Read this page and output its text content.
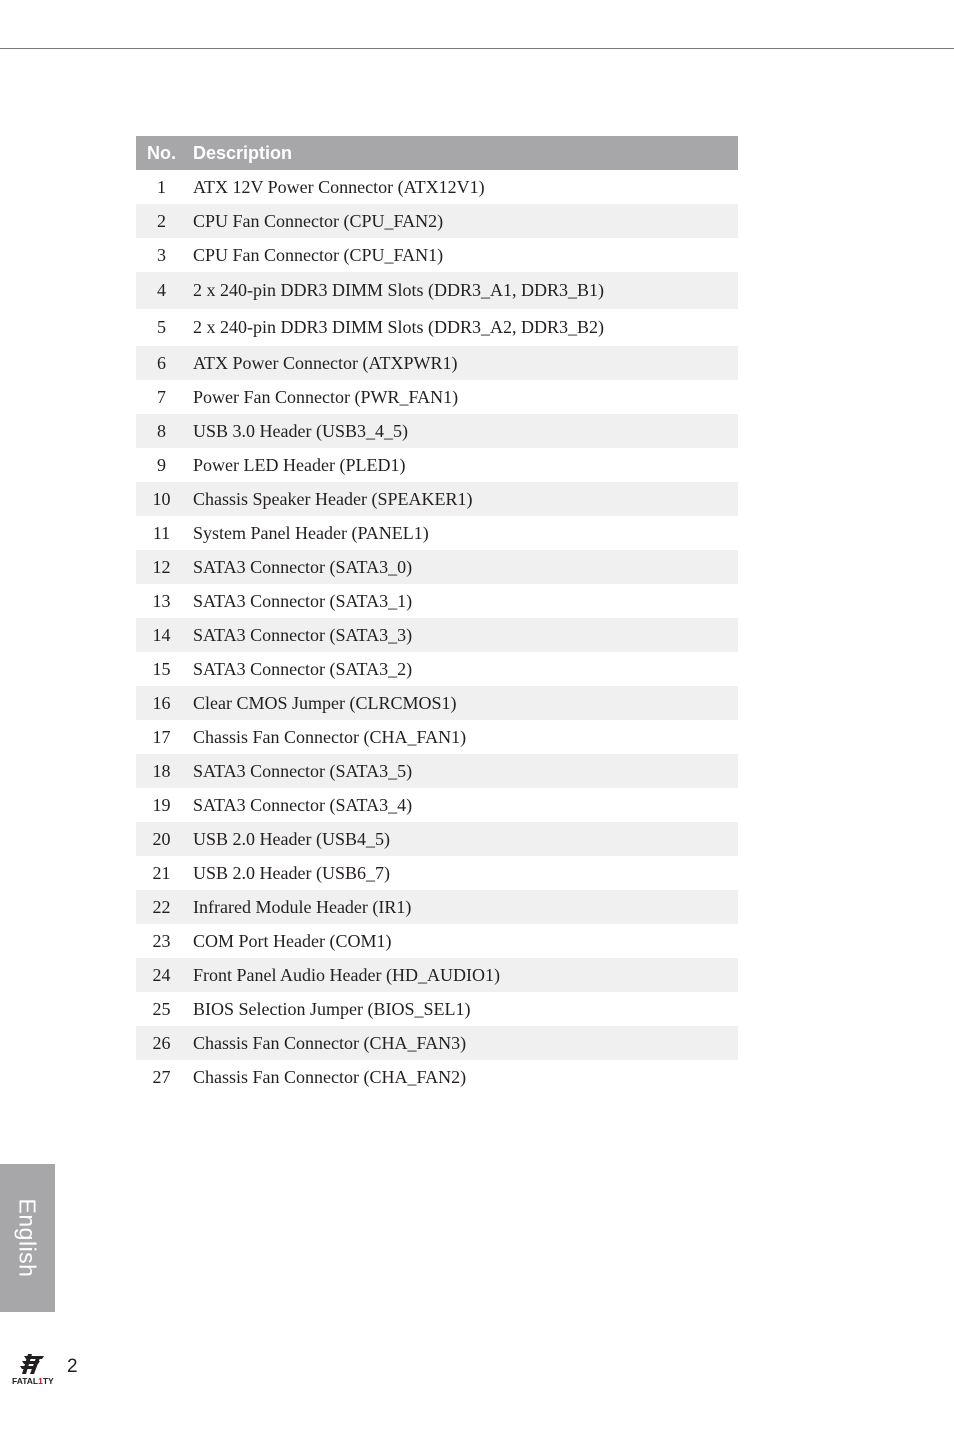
No.	Description
1	ATX 12V Power Connector (ATX12V1)
2	CPU Fan Connector (CPU_FAN2)
3	CPU Fan Connector (CPU_FAN1)
4	2 x 240-pin DDR3 DIMM Slots (DDR3_A1, DDR3_B1)
5	2 x 240-pin DDR3 DIMM Slots (DDR3_A2, DDR3_B2)
6	ATX Power Connector (ATXPWR1)
7	Power Fan Connector (PWR_FAN1)
8	USB 3.0 Header (USB3_4_5)
9	Power LED Header (PLED1)
10	Chassis Speaker Header (SPEAKER1)
11	System Panel Header (PANEL1)
12	SATA3 Connector (SATA3_0)
13	SATA3 Connector (SATA3_1)
14	SATA3 Connector (SATA3_3)
15	SATA3 Connector (SATA3_2)
16	Clear CMOS Jumper (CLRCMOS1)
17	Chassis Fan Connector (CHA_FAN1)
18	SATA3 Connector (SATA3_5)
19	SATA3 Connector (SATA3_4)
20	USB 2.0 Header (USB4_5)
21	USB 2.0 Header (USB6_7)
22	Infrared Module Header (IR1)
23	COM Port Header (COM1)
24	Front Panel Audio Header (HD_AUDIO1)
25	BIOS Selection Jumper (BIOS_SEL1)
26	Chassis Fan Connector (CHA_FAN3)
27	Chassis Fan Connector (CHA_FAN2)
English
FATAL1TY
2
